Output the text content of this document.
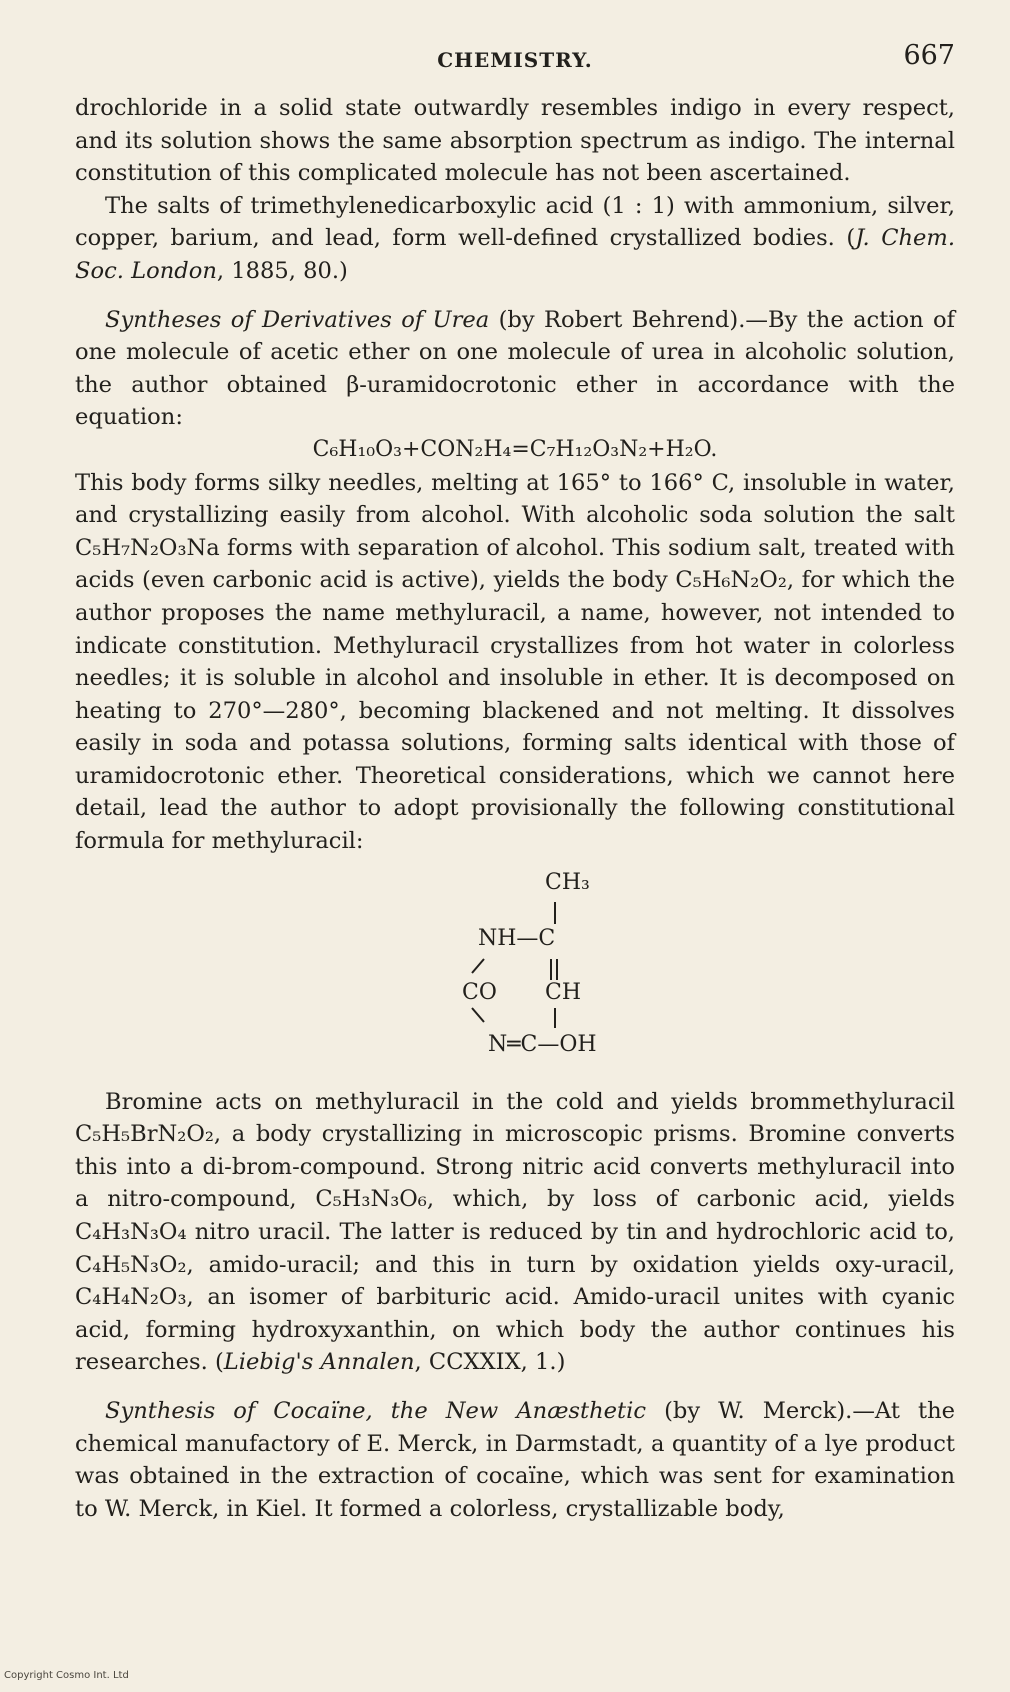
CHEMISTRY.	667

drochloride in a solid state outwardly resembles indigo in every respect, and its solution shows the same absorption spectrum as indigo. The internal constitution of this complicated molecule has not been ascertained.

The salts of trimethylenedicarboxylic acid (1 : 1) with ammonium, silver, copper, barium, and lead, form well-defined crystallized bodies. (J. Chem. Soc. London, 1885, 80.)

Syntheses of Derivatives of Urea (by Robert Behrend).—By the action of one molecule of acetic ether on one molecule of urea in alcoholic solution, the author obtained β-uramidocrotonic ether in accordance with the equation:

C₆H₁₀O₃+CON₂H₄=C₇H₁₂O₃N₂+H₂O.

This body forms silky needles, melting at 165° to 166° C, insoluble in water, and crystallizing easily from alcohol. With alcoholic soda solution the salt C₅H₇N₂O₃Na forms with separation of alcohol. This sodium salt, treated with acids (even carbonic acid is active), yields the body C₅H₆N₂O₂, for which the author proposes the name methyluracil, a name, however, not intended to indicate constitution. Methyluracil crystallizes from hot water in colorless needles; it is soluble in alcohol and insoluble in ether. It is decomposed on heating to 270°—280°, becoming blackened and not melting. It dissolves easily in soda and potassa solutions, forming salts identical with those of uramidocrotonic ether. Theoretical considerations, which we cannot here detail, lead the author to adopt provisionally the following constitutional formula for methyluracil:

CH₃
NH—C
CO CH
N═C—OH

Bromine acts on methyluracil in the cold and yields brommethyluracil C₅H₅BrN₂O₂, a body crystallizing in microscopic prisms. Bromine converts this into a di-brom-compound. Strong nitric acid converts methyluracil into a nitro-compound, C₅H₃N₃O₆, which, by loss of carbonic acid, yields C₄H₃N₃O₄ nitro uracil. The latter is reduced by tin and hydrochloric acid to, C₄H₅N₃O₂, amido-uracil; and this in turn by oxidation yields oxy-uracil, C₄H₄N₂O₃, an isomer of barbituric acid. Amido-uracil unites with cyanic acid, forming hydroxyxanthin, on which body the author continues his researches. (Liebig's Annalen, CCXXIX, 1.)

Synthesis of Cocaïne, the New Anæsthetic (by W. Merck).—At the chemical manufactory of E. Merck, in Darmstadt, a quantity of a lye product was obtained in the extraction of cocaïne, which was sent for examination to W. Merck, in Kiel. It formed a colorless, crystallizable body,

Copyright Cosmo Int. Ltd
